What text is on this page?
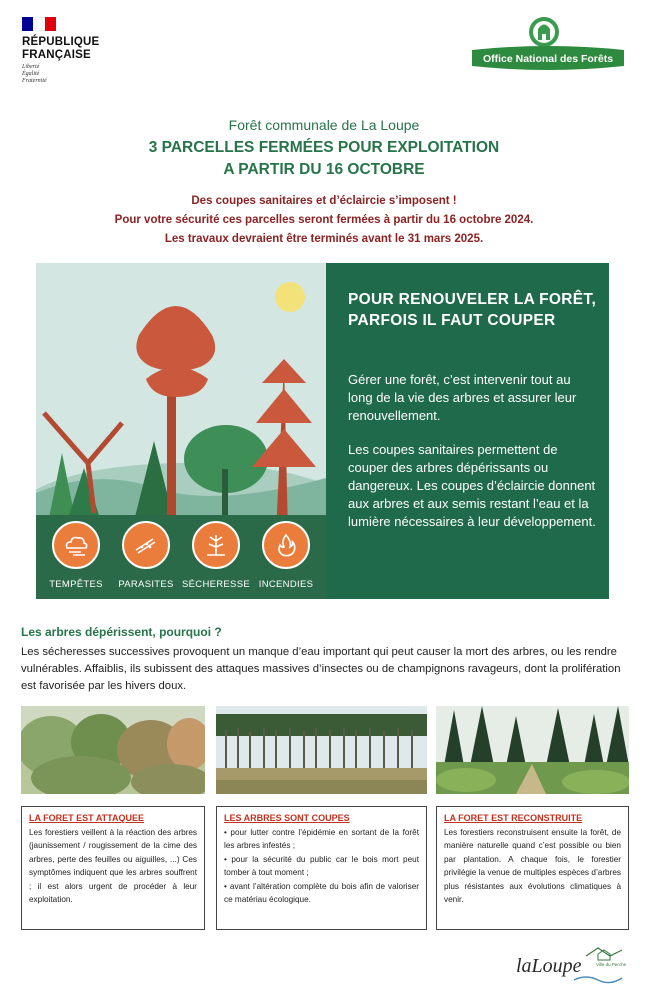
RÉPUBLIQUE
FRANÇAISE
Liberté
Égalité
Fraternité
Office National des Forêts
Forêt communale de La Loupe
3 PARCELLES FERMÉES POUR EXPLOITATION
A PARTIR DU 16 OCTOBRE
Des coupes sanitaires et d’éclaircie s’imposent !
Pour votre sécurité ces parcelles seront fermées à partir du 16 octobre 2024.
Les travaux devraient être terminés avant le 31 mars 2025.
TEMPÊTES	PARASITES SÉCHERESSE INCENDIES
POUR RENOUVELER LA FORÊT, PARFOIS IL FAUT COUPER

Gérer une forêt, c’est intervenir tout au long de la vie des arbres et assurer leur renouvellement.

Les coupes sanitaires permettent de couper des arbres dépérissants ou dangereux. Les coupes d’éclaircie donnent aux arbres et aux semis restant l’eau et la lumière nécessaires à leur développement.

Les arbres dépérissent, pourquoi ?
Les sécheresses successives provoquent un manque d’eau important qui peut causer la mort des arbres, ou les rendre vulnérables. Affaiblis, ils subissent des attaques massives d’insectes ou de champignons ravageurs, dont la prolifération est favorisée par les hivers doux.
LA FORET EST ATTAQUEE
Les forestiers veillent à la réaction des arbres (jaunissement / rougissement de la cime des arbres, perte des feuilles ou aiguilles, ...) Ces symptômes indiquent que les arbres souffrent ; il est alors urgent de procéder à leur exploitation.
LES ARBRES SONT COUPES
• pour lutter contre l’épidémie en sortant de la forêt les arbres infestés ;
• pour la sécurité du public car le bois mort peut tomber à tout moment ;
• avant l’altération complète du bois afin de valoriser ce matériau écologique.
LA FORET EST RECONSTRUITE
Les forestiers reconstruisent ensuite la forêt, de manière naturelle quand c’est possible ou bien par plantation. A chaque fois, le forestier privilégie la venue de multiples espèces d’arbres plus résistantes aux évolutions climatiques à venir.
laLoupe	Ville du Perche
